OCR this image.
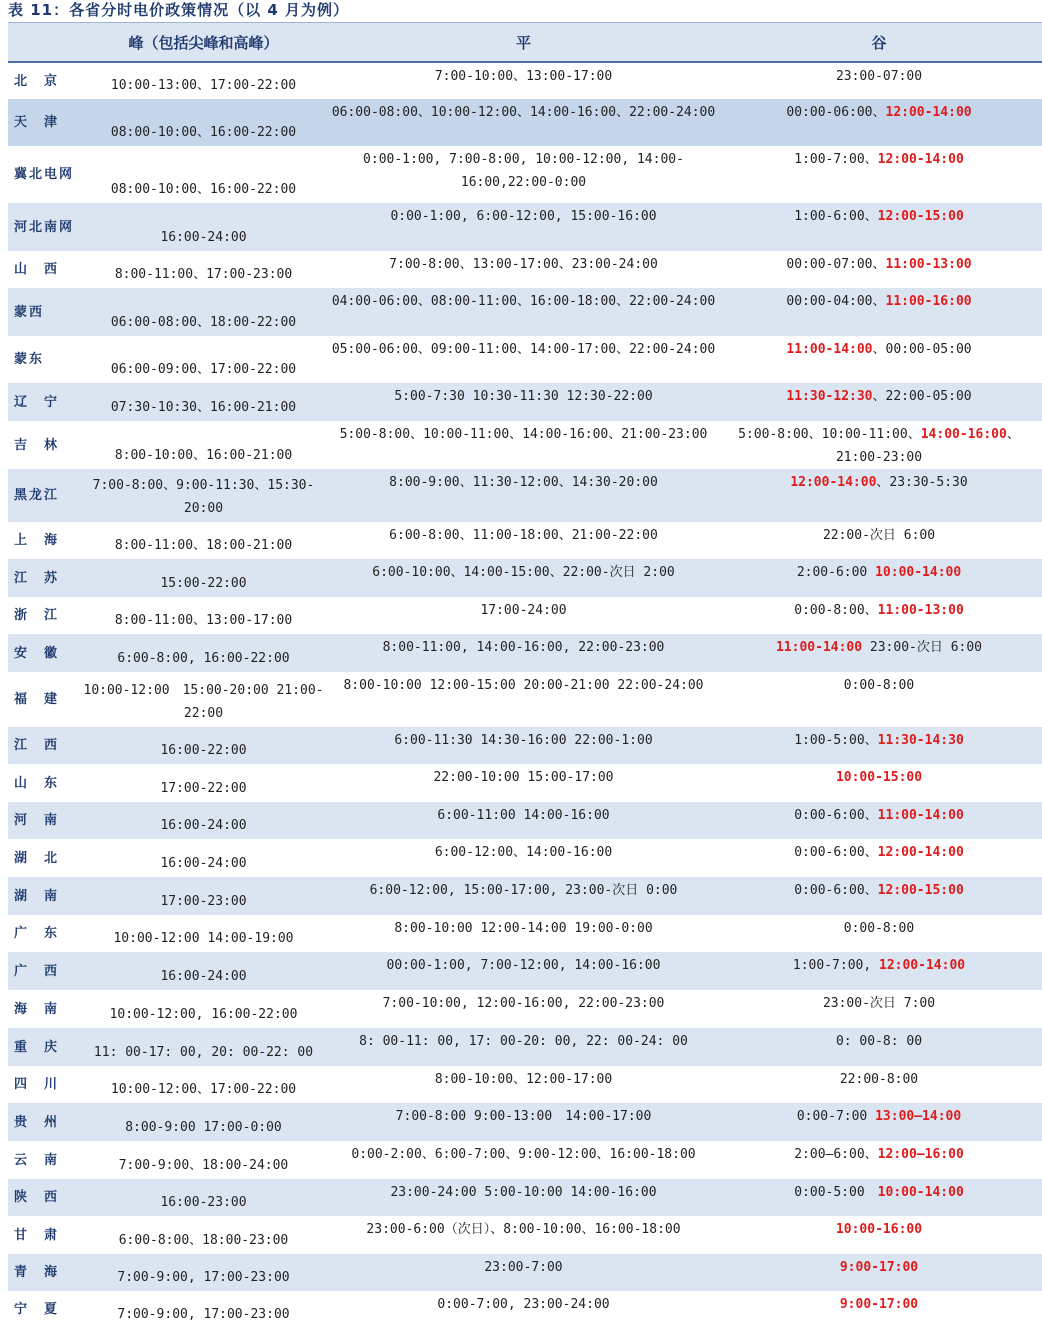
表 11：各省分时电价政策情况（以 4 月为例）
	峰（包括尖峰和高峰）	平	谷
北　京	10:00-13:00、17:00-22:00	7:00-10:00、13:00-17:00	23:00-07:00
天　津	08:00-10:00、16:00-22:00	06:00-08:00、10:00-12:00、14:00-16:00、22:00-24:00	00:00-06:00、12:00-14:00
冀北电网	08:00-10:00、16:00-22:00	0:00-1:00, 7:00-8:00, 10:00-12:00, 14:00-16:00,22:00-0:00	1:00-7:00、12:00-14:00
河北南网	16:00-24:00	0:00-1:00, 6:00-12:00, 15:00-16:00	1:00-6:00、12:00-15:00
山　西	8:00-11:00、17:00-23:00	7:00-8:00、13:00-17:00、23:00-24:00	00:00-07:00、11:00-13:00
蒙西	06:00-08:00、18:00-22:00	04:00-06:00、08:00-11:00、16:00-18:00、22:00-24:00	00:00-04:00、11:00-16:00
蒙东	06:00-09:00、17:00-22:00	05:00-06:00、09:00-11:00、14:00-17:00、22:00-24:00	11:00-14:00、00:00-05:00
辽　宁	07:30-10:30、16:00-21:00	5:00-7:30 10:30-11:30 12:30-22:00	11:30-12:30、22:00-05:00
吉　林	8:00-10:00、16:00-21:00	5:00-8:00、10:00-11:00、14:00-16:00、21:00-23:00	5:00-8:00、10:00-11:00、14:00-16:00、21:00-23:00
黑龙江	7:00-8:00、9:00-11:30、15:30-20:00	8:00-9:00、11:30-12:00、14:30-20:00	12:00-14:00、23:30-5:30
上　海	8:00-11:00、18:00-21:00	6:00-8:00、11:00-18:00、21:00-22:00	22:00-次日 6:00
江　苏	15:00-22:00	6:00-10:00、14:00-15:00、22:00-次日 2:00	2:00-6:00 10:00-14:00
浙　江	8:00-11:00、13:00-17:00	17:00-24:00	0:00-8:00、11:00-13:00
安　徽	6:00-8:00, 16:00-22:00	8:00-11:00, 14:00-16:00, 22:00-23:00	11:00-14:00 23:00-次日 6:00
福　建	10:00-12:00　15:00-20:00 21:00-22:00	8:00-10:00 12:00-15:00 20:00-21:00 22:00-24:00	0:00-8:00
江　西	16:00-22:00	6:00-11:30 14:30-16:00 22:00-1:00	1:00-5:00、11:30-14:30
山　东	17:00-22:00	22:00-10:00 15:00-17:00	10:00-15:00
河　南	16:00-24:00	6:00-11:00 14:00-16:00	0:00-6:00、11:00-14:00
湖　北	16:00-24:00	6:00-12:00、14:00-16:00	0:00-6:00、12:00-14:00
湖　南	17:00-23:00	6:00-12:00, 15:00-17:00, 23:00-次日 0:00	0:00-6:00、12:00-15:00
广　东	10:00-12:00 14:00-19:00	8:00-10:00 12:00-14:00 19:00-0:00	0:00-8:00
广　西	16:00-24:00	00:00-1:00, 7:00-12:00, 14:00-16:00	1:00-7:00, 12:00-14:00
海　南	10:00-12:00, 16:00-22:00	7:00-10:00, 12:00-16:00, 22:00-23:00	23:00-次日 7:00
重　庆	11: 00-17: 00, 20: 00-22: 00	8: 00-11: 00, 17: 00-20: 00, 22: 00-24: 00	0: 00-8: 00
四　川	10:00-12:00、17:00-22:00	8:00-10:00、12:00-17:00	22:00-8:00
贵　州	8:00-9:00 17:00-0:00	7:00-8:00 9:00-13:00　14:00-17:00	0:00-7:00 13:00—14:00
云　南	7:00-9:00、18:00-24:00	0:00-2:00、6:00-7:00、9:00-12:00、16:00-18:00	2:00—6:00、12:00—16:00
陕　西	16:00-23:00	23:00-24:00 5:00-10:00 14:00-16:00	0:00-5:00　10:00-14:00
甘　肃	6:00-8:00、18:00-23:00	23:00-6:00（次日）、8:00-10:00、16:00-18:00	10:00-16:00
青　海	7:00-9:00, 17:00-23:00	23:00-7:00	9:00-17:00
宁　夏	7:00-9:00, 17:00-23:00	0:00-7:00, 23:00-24:00	9:00-17:00
